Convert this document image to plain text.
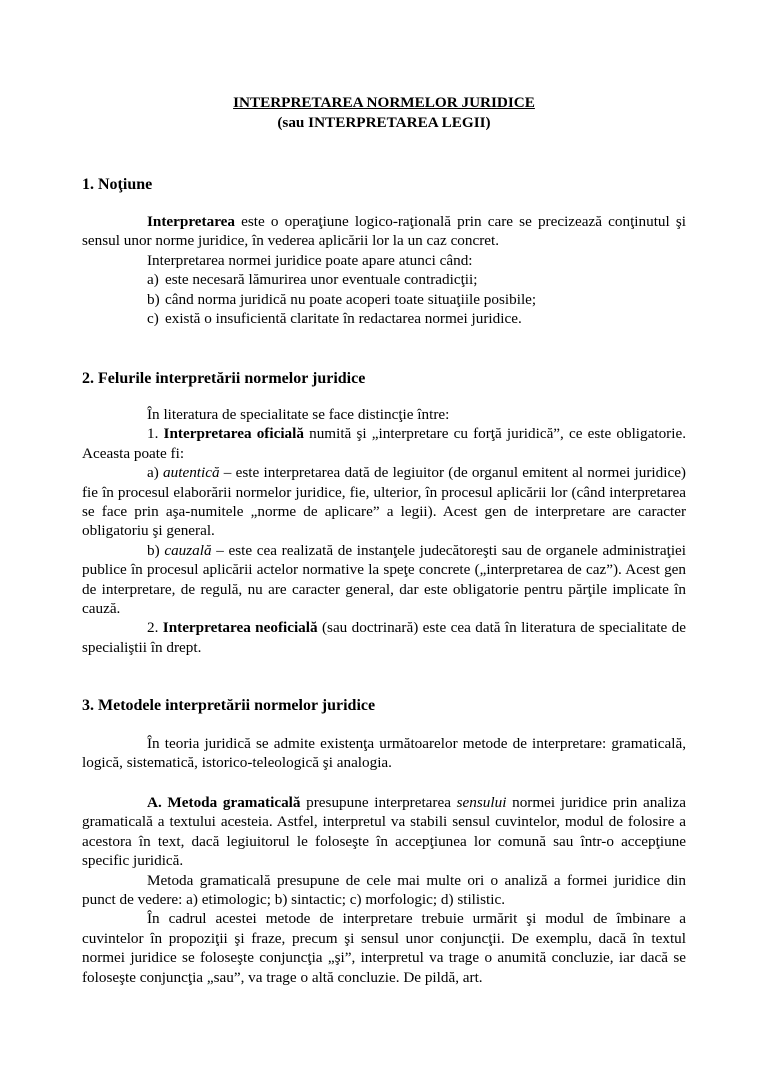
INTERPRETAREA NORMELOR JURIDICE
(sau INTERPRETAREA LEGII)
1. Noţiune

Interpretarea este o operaţiune logico-raţională prin care se precizează conţinutul şi sensul unor norme juridice, în vederea aplicării lor la un caz concret.

Interpretarea normei juridice poate apare atunci când:

a) este necesară lămurirea unor eventuale contradicţii;

b) când norma juridică nu poate acoperi toate situaţiile posibile;

c) există o insuficientă claritate în redactarea normei juridice.

2. Felurile interpretării normelor juridice

În literatura de specialitate se face distincţie între:

1. Interpretarea oficială numită şi „interpretare cu forţă juridică”, ce este obligatorie. Aceasta poate fi:

a) autentică – este interpretarea dată de legiuitor (de organul emitent al normei juridice) fie în procesul elaborării normelor juridice, fie, ulterior, în procesul aplicării lor (când interpretarea se face prin aşa-numitele „norme de aplicare” a legii). Acest gen de interpretare are caracter obligatoriu şi general.

b) cauzală – este cea realizată de instanţele judecătoreşti sau de organele administraţiei publice în procesul aplicării actelor normative la speţe concrete („interpretarea de caz”). Acest gen de interpretare, de regulă, nu are caracter general, dar este obligatorie pentru părţile implicate în cauză.

2. Interpretarea neoficială (sau doctrinară) este cea dată în literatura de specialitate de specialiştii în drept.

3. Metodele interpretării normelor juridice

În teoria juridică se admite existenţa următoarelor metode de interpretare: gramaticală, logică, sistematică, istorico-teleologică şi analogia.

A. Metoda gramaticală presupune interpretarea sensului normei juridice prin analiza gramaticală a textului acesteia. Astfel, interpretul va stabili sensul cuvintelor, modul de folosire a acestora în text, dacă legiuitorul le foloseşte în accepţiunea lor comună sau într-o accepţiune specific juridică.

Metoda gramaticală presupune de cele mai multe ori o analiză a formei juridice din punct de vedere: a) etimologic; b) sintactic; c) morfologic; d) stilistic.

În cadrul acestei metode de interpretare trebuie urmărit şi modul de îmbinare a cuvintelor în propoziţii şi fraze, precum şi sensul unor conjuncţii. De exemplu, dacă în textul normei juridice se foloseşte conjuncţia „şi”, interpretul va trage o anumită concluzie, iar dacă se foloseşte conjuncţia „sau”, va trage o altă concluzie. De pildă, art.
